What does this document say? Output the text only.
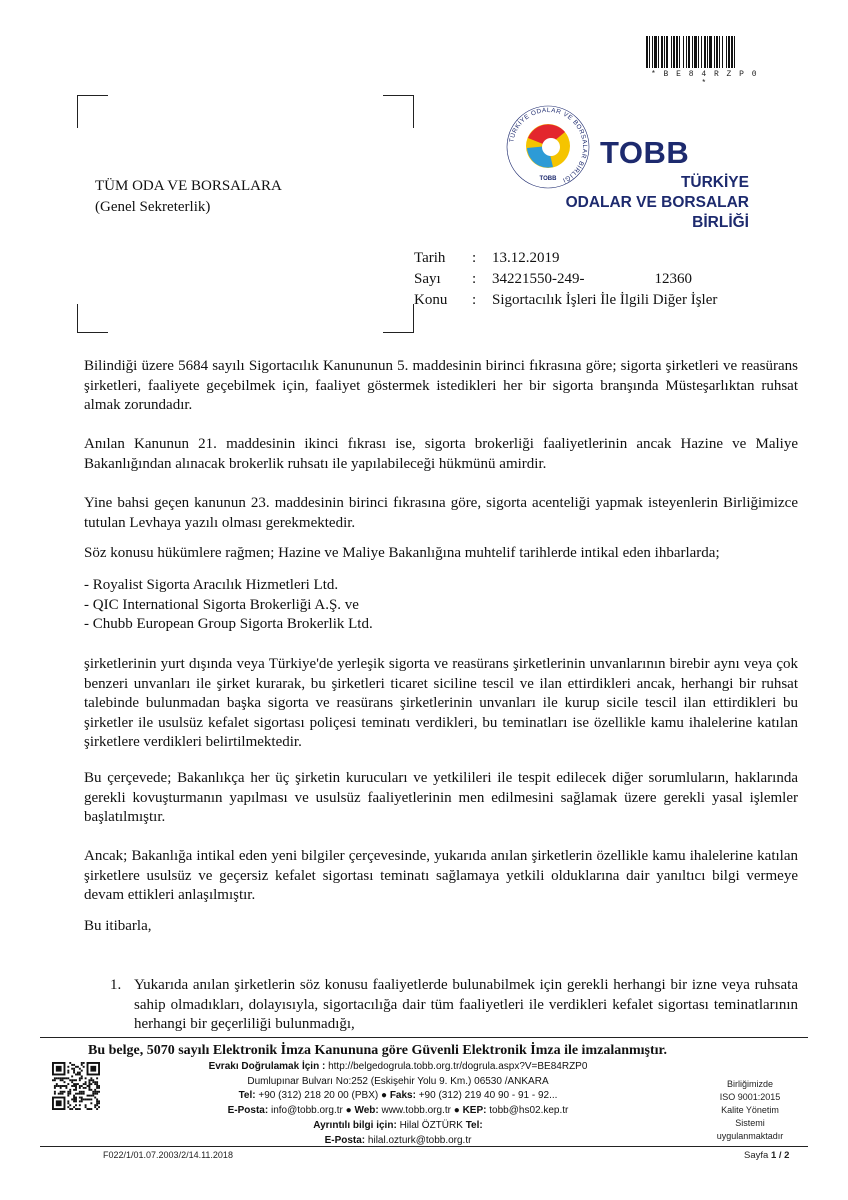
* B E 8 4 R Z P 0 *
TÜM ODA VE BORSALARA
(Genel Sekreterlik)
TÜRKİYE ODALAR VE BORSALAR BİRLİĞİ
TOBB
TOBB
TÜRKİYE
ODALAR VE BORSALAR
BİRLİĞİ
Tarih	:	13.12.2019
Sayı	:	34221550-249-	12360
Konu	:	Sigortacılık İşleri İle İlgili Diğer İşler
Bilindiği üzere 5684 sayılı Sigortacılık Kanununun 5. maddesinin birinci fıkrasına göre; sigorta şirketleri ve reasürans şirketleri, faaliyete geçebilmek için, faaliyet göstermek istedikleri her bir sigorta branşında Müsteşarlıktan ruhsat almak zorundadır.
Anılan Kanunun 21. maddesinin ikinci fıkrası ise, sigorta brokerliği faaliyetlerinin ancak Hazine ve Maliye Bakanlığından alınacak brokerlik ruhsatı ile yapılabileceği hükmünü amirdir.
Yine bahsi geçen kanunun 23. maddesinin birinci fıkrasına göre, sigorta acenteliği yapmak isteyenlerin Birliğimizce tutulan Levhaya yazılı olması gerekmektedir.
Söz konusu hükümlere rağmen; Hazine ve Maliye Bakanlığına muhtelif tarihlerde intikal eden ihbarlarda;
- Royalist Sigorta Aracılık Hizmetleri Ltd.
- QIC International Sigorta Brokerliği A.Ş. ve
- Chubb European Group Sigorta Brokerlik Ltd.
şirketlerinin yurt dışında veya Türkiye'de yerleşik sigorta ve reasürans şirketlerinin unvanlarının birebir aynı veya çok benzeri unvanları ile şirket kurarak, bu şirketleri ticaret siciline tescil ve ilan ettirdikleri ancak, herhangi bir ruhsat talebinde bulunmadan başka sigorta ve reasürans şirketlerinin unvanları ile kurup sicile tescil ilan ettirdikleri bu şirketler ile usulsüz kefalet sigortası poliçesi teminatı verdikleri, bu teminatları ise özellikle kamu ihalelerine katılan şirketlere verdikleri belirtilmektedir.
Bu çerçevede; Bakanlıkça her üç şirketin kurucuları ve yetkilileri ile tespit edilecek diğer sorumluların, haklarında gerekli kovuşturmanın yapılması ve usulsüz faaliyetlerinin men edilmesini sağlamak üzere gerekli yasal işlemler başlatılmıştır.
Ancak; Bakanlığa intikal eden yeni bilgiler çerçevesinde, yukarıda anılan şirketlerin özellikle kamu ihalelerine katılan şirketlere usulsüz ve geçersiz kefalet sigortası teminatı sağlamaya yetkili olduklarına dair yanıltıcı bilgi vermeye devam ettikleri anlaşılmıştır.
Bu itibarla,
1. Yukarıda anılan şirketlerin söz konusu faaliyetlerde bulunabilmek için gerekli herhangi bir izne veya ruhsata sahip olmadıkları, dolayısıyla, sigortacılığa dair tüm faaliyetleri ile verdikleri kefalet sigortası teminatlarının herhangi bir geçerliliği bulunmadığı,
Bu belge, 5070 sayılı Elektronik İmza Kanununa göre Güvenli Elektronik İmza ile imzalanmıştır.
Evrakı Doğrulamak İçin : http://belgedogrula.tobb.org.tr/dogrula.aspx?V=BE84RZP0
Dumlupınar Bulvarı No:252 (Eskişehir Yolu 9. Km.) 06530 /ANKARA
Tel: +90 (312) 218 20 00 (PBX) ● Faks: +90 (312) 219 40 90 - 91 - 92...
E-Posta: info@tobb.org.tr ● Web: www.tobb.org.tr ● KEP: tobb@hs02.kep.tr
Ayrıntılı bilgi için: Hilal ÖZTÜRK Tel:
E-Posta: hilal.ozturk@tobb.org.tr
Birliğimizde
ISO 9001:2015
Kalite Yönetim
Sistemi
uygulanmaktadır
F022/1/01.07.2003/2/14.11.2018	Sayfa 1 / 2
